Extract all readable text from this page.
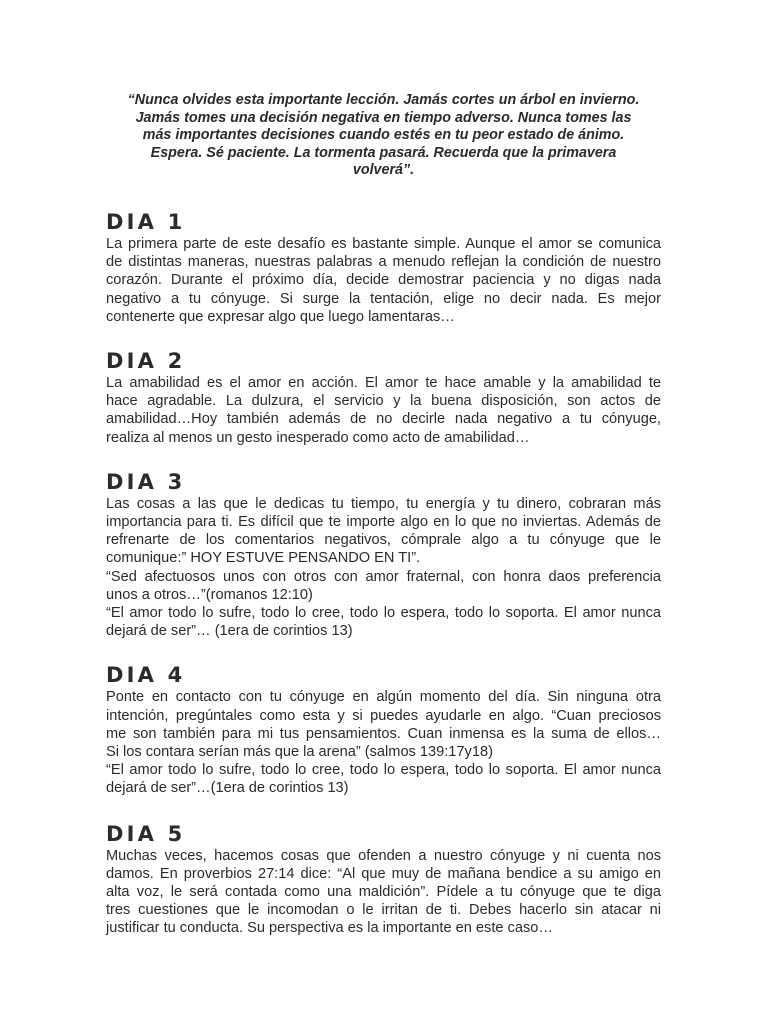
“Nunca olvides esta importante lección. Jamás cortes un árbol en invierno.
Jamás tomes una decisión negativa en tiempo adverso. Nunca tomes las
más importantes decisiones cuando estés en tu peor estado de ánimo.
Espera. Sé paciente. La tormenta pasará. Recuerda que la primavera
volverá”.
DIA 1
La primera parte de este desafío es bastante simple. Aunque el amor se comunica
de distintas maneras, nuestras palabras a menudo reflejan la condición de nuestro
corazón. Durante el próximo día, decide demostrar paciencia y no digas nada
negativo a tu cónyuge. Si surge la tentación, elige no decir nada. Es mejor
contenerte que expresar algo que luego lamentaras…
DIA 2
La amabilidad es el amor en acción. El amor te hace amable y la amabilidad te
hace agradable. La dulzura, el servicio y la buena disposición, son actos de
amabilidad…Hoy también además de no decirle nada negativo a tu cónyuge,
realiza al menos un gesto inesperado como acto de amabilidad…
DIA 3
Las cosas a las que le dedicas tu tiempo, tu energía y tu dinero, cobraran más
importancia para ti. Es difícil que te importe algo en lo que no inviertas. Además de
refrenarte de los comentarios negativos, cómprale algo a tu cónyuge que le
comunique:” HOY ESTUVE PENSANDO EN TI”.
“Sed afectuosos unos con otros con amor fraternal, con honra daos preferencia
unos a otros…”(romanos 12:10)
“El amor todo lo sufre, todo lo cree, todo lo espera, todo lo soporta. El amor nunca
dejará de ser”… (1era de corintios 13)
DIA 4
Ponte en contacto con tu cónyuge en algún momento del día. Sin ninguna otra
intención, pregúntales como esta y si puedes ayudarle en algo. “Cuan preciosos
me son también para mi tus pensamientos. Cuan inmensa es la suma de ellos…
Si los contara serían más que la arena” (salmos 139:17y18)
“El amor todo lo sufre, todo lo cree, todo lo espera, todo lo soporta. El amor nunca
dejará de ser”…(1era de corintios 13)
DIA 5
Muchas veces, hacemos cosas que ofenden a nuestro cónyuge y ni cuenta nos
damos. En proverbios 27:14 dice: “Al que muy de mañana bendice a su amigo en
alta voz, le será contada como una maldición”. Pídele a tu cónyuge que te diga
tres cuestiones que le incomodan o le irritan de ti. Debes hacerlo sin atacar ni
justificar tu conducta. Su perspectiva es la importante en este caso…
